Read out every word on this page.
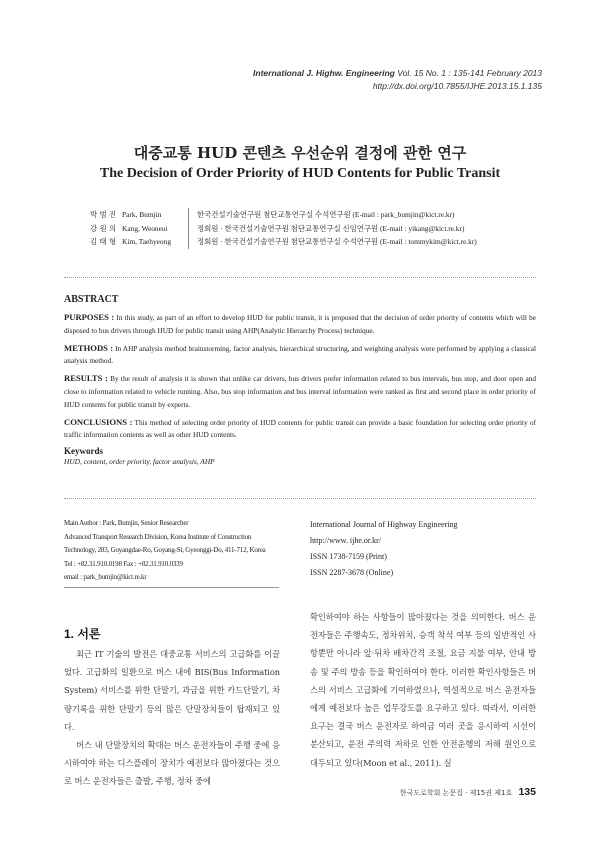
International J. Highw. Engineering Vol. 15 No. 1 : 135-141 February 2013
http://dx.doi.org/10.7855/IJHE.2013.15.1.135
대중교통 HUD 콘텐츠 우선순위 결정에 관한 연구
The Decision of Order Priority of HUD Contents for Public Transit
박 범 진 Park, Bumjin	한국건설기술연구원 첨단교통연구실 수석연구원 (E-mail : park_bumjin@kict.re.kr)
강 원 의 Kang, Weoneui	정회원 · 한국건설기술연구원 첨단교통연구실 신임연구원 (E-mail : yikang@kict.re.kr)
김 태 형 Kim, Taehyeong	정회원 · 한국건설기술연구원 첨단교통연구실 수석연구원 (E-mail : tommykim@kict.re.kr)
ABSTRACT

PURPOSES : In this study, as part of an effort to develop HUD for public transit, it is proposed that the decision of order priority of contents which will be disposed to bus drivers through HUD for public transit using AHP(Analytic Hierarchy Process) technique.

METHODS : In AHP analysis method brainstorming, factor analysis, hierarchical structuring, and weighting analysis were performed by applying a classical analysis method.

RESULTS : By the result of analysis it is shown that unlike car drivers, bus drivers prefer information related to bus intervals, bus stop, and door open and close to information related to vehicle running. Also, bus stop information and bus interval information were ranked as first and second place in order priority of HUD contents for public transit by experts.

CONCLUSIONS : This method of selecting order priority of HUD contents for public transit can provide a basic foundation for selecting order priority of traffic information contents as well as other HUD contents.

Keywords
HUD, content, order priority, factor analysis, AHP
Main Author : Park, Bumjin, Senior Researcher
Advanced Transport Research Division, Korea Institute of Construction
Technology, 283, Goyangdae-Ro, Goyang-Si, Gyeonggi-Do, 411-712, Korea
Tel : +82.31.910.0198 Fax : +82.31.910.0339
email : park_bumjin@kict.re.kr
International Journal of Highway Engineering
http://www. ijhe.or.kr/
ISSN 1738-7159 (Print)
ISSN 2287-3678 (Online)
1. 서론

최근 IT 기술의 발전은 대중교통 서비스의 고급화를 이끌었다. 고급화의 일환으로 버스 내에 BIS(Bus Information System) 서비스를 위한 단말기, 과금을 위한 카드단말기, 차량기록을 위한 단말기 등의 많은 단말장치들이 탑재되고 있다.

버스 내 단말장치의 확대는 버스 운전자들이 주행 중에 응시하여야 하는 디스플레이 장치가 예전보다 많아졌다는 것으로 버스 운전자들은 출발, 주행, 정차 중에

확인하여야 하는 사항들이 많아졌다는 것을 의미한다. 버스 운전자들은 주행속도, 정차위치, 승객 착석 여부 등의 일반적인 사항뿐만 아니라 앞·뒤차 배차간격 조절, 요금 지불 여부, 안내 방송 및 주의 방송 등을 확인하여야 한다. 이러한 확인사항들은 버스의 서비스 고급화에 기여하였으나, 역설적으로 버스 운전자들에게 예전보다 높은 업무강도를 요구하고 있다. 따라서, 이러한 요구는 결국 버스 운전자로 하여금 여러 곳을 응시하여 시선이 분산되고, 운전 주의력 저하로 인한 안전운행의 저해 원인으로 대두되고 있다(Moon et al., 2011). 실

한국도로학회 논문집 · 제15권 제1호 135
